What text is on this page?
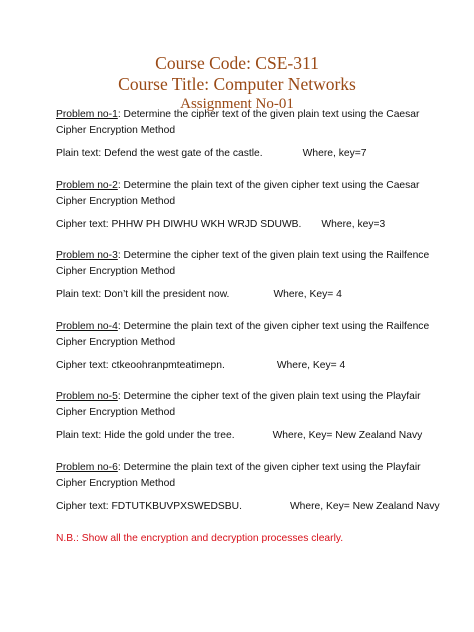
Course Code: CSE-311
Course Title: Computer Networks
Assignment No-01

Problem no-1: Determine the cipher text of the given plain text using the Caesar Cipher Encryption Method

Plain text: Defend the west gate of the castle.	Where, key=7

Problem no-2: Determine the plain text of the given cipher text using the Caesar Cipher Encryption Method

Cipher text: PHHW PH DIWHU WKH WRJD SDUWB. Where, key=3

Problem no-3: Determine the cipher text of the given plain text using the Railfence Cipher Encryption Method

Plain text: Don’t kill the president now.	Where, Key= 4

Problem no-4: Determine the plain text of the given cipher text using the Railfence Cipher Encryption Method

Cipher text: ctkeoohranpmteatimepn.	Where, Key= 4

Problem no-5: Determine the cipher text of the given plain text using the Playfair Cipher Encryption Method

Plain text: Hide the gold under the tree.	Where, Key= New Zealand Navy

Problem no-6: Determine the plain text of the given cipher text using the Playfair Cipher Encryption Method

Cipher text: FDTUTKBUVPXSWEDSBU.	Where, Key= New Zealand Navy
N.B.: Show all the encryption and decryption processes clearly.
